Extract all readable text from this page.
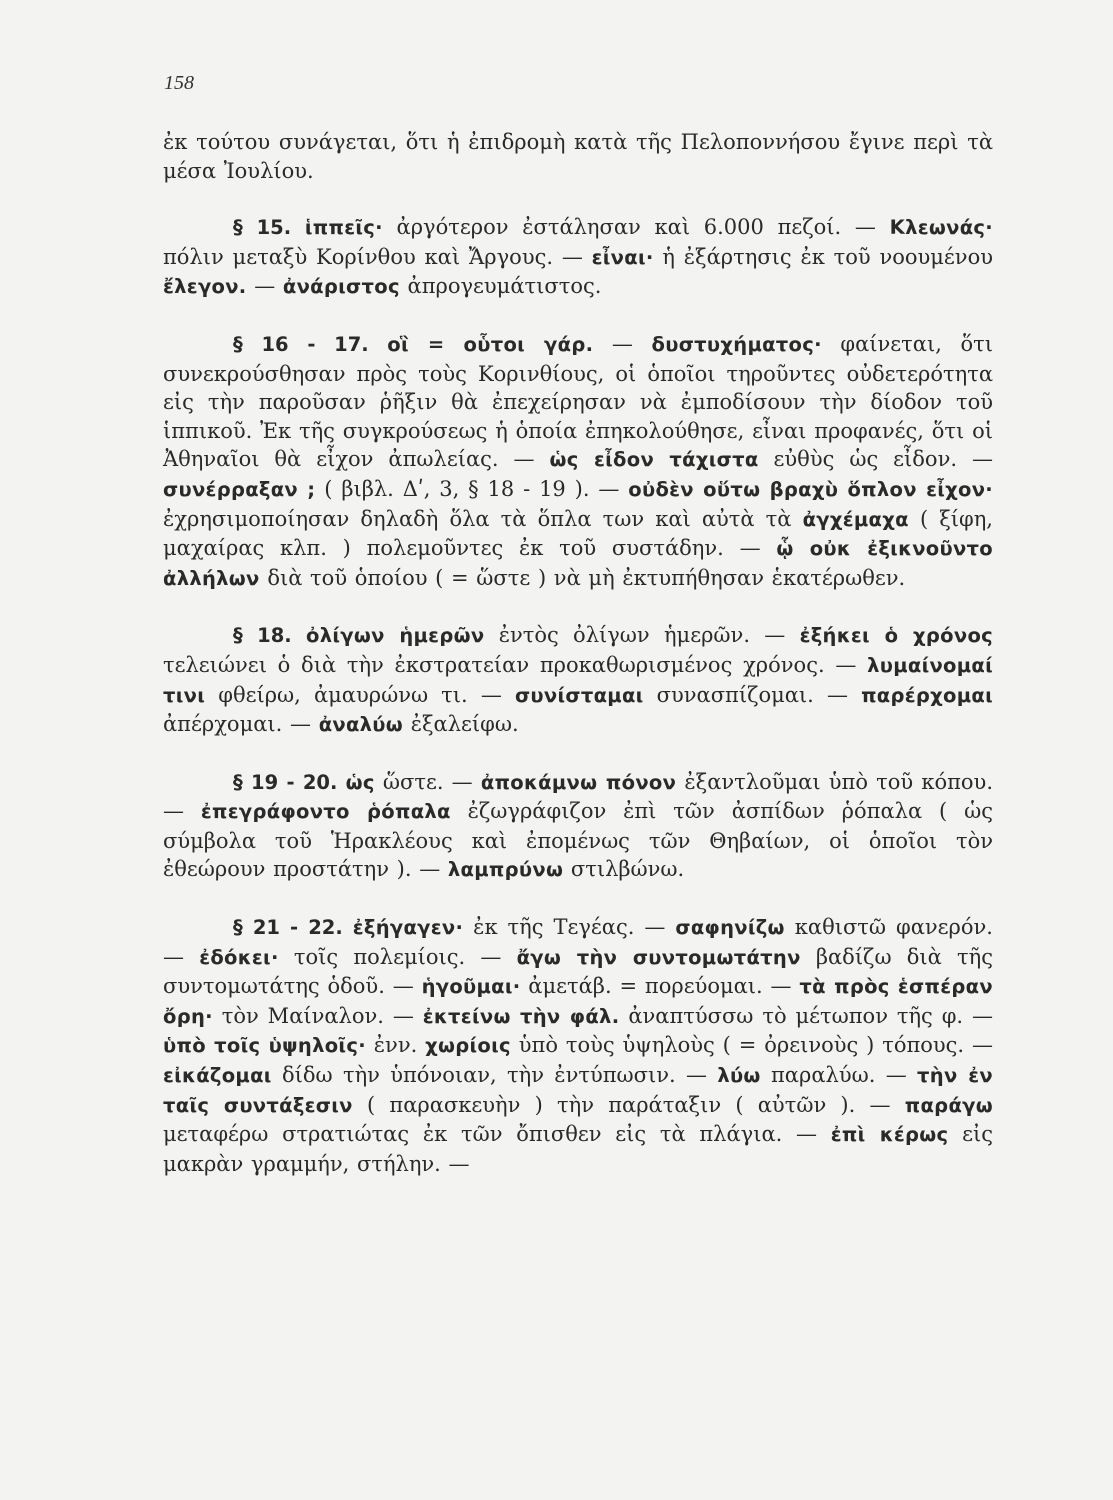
158

ἐκ τούτου συνάγεται, ὅτι ἡ ἐπιδρομὴ κατὰ τῆς Πελοποννήσου ἔγινε περὶ τὰ μέσα Ἰουλίου.

§ 15. ἱππεῖς· ἀργότερον ἐστάλησαν καὶ 6.000 πεζοί. — Κλεωνάς· πόλιν μεταξὺ Κορίνθου καὶ Ἄργους. — εἶναι· ἡ ἐξάρτησις ἐκ τοῦ νοουμένου ἔλεγον. — ἀνάριστος ἀπρογευμάτιστος.

§ 16 - 17. οἳ = οὗτοι γάρ. — δυστυχήματος· φαίνεται, ὅτι συνεκρούσθησαν πρὸς τοὺς Κορινθίους, οἱ ὁποῖοι τηροῦντες οὐδετερότητα εἰς τὴν παροῦσαν ῥῆξιν θὰ ἐπεχείρησαν νὰ ἐμποδίσουν τὴν δίοδον τοῦ ἱππικοῦ. Ἐκ τῆς συγκρούσεως ἡ ὁποία ἐπηκολούθησε, εἶναι προφανές, ὅτι οἱ Ἀθηναῖοι θὰ εἶχον ἀπωλείας. — ὡς εἶδον τάχιστα εὐθὺς ὡς εἶδον. — συνέρραξαν ; ( βιβλ. Δʹ, 3, § 18 - 19 ). — οὐδὲν οὕτω βραχὺ ὅπλον εἶχον· ἐχρησιμοποίησαν δηλαδὴ ὅλα τὰ ὅπλα των καὶ αὐτὰ τὰ ἀγχέμαχα ( ξίφη, μαχαίρας κλπ. ) πολεμοῦντες ἐκ τοῦ συστάδην. — ᾧ οὐκ ἐξικνοῦντο ἀλλήλων διὰ τοῦ ὁποίου ( = ὥστε ) νὰ μὴ ἐκτυπήθησαν ἑκατέρωθεν.

§ 18. ὀλίγων ἡμερῶν ἐντὸς ὀλίγων ἡμερῶν. — ἐξήκει ὁ χρόνος τελειώνει ὁ διὰ τὴν ἐκστρατείαν προκαθωρισμένος χρόνος. — λυμαίνομαί τινι φθείρω, ἀμαυρώνω τι. — συνίσταμαι συνασπίζομαι. — παρέρχομαι ἀπέρχομαι. — ἀναλύω ἐξαλείφω.

§ 19 - 20. ὡς ὥστε. — ἀποκάμνω πόνον ἐξαντλοῦμαι ὑπὸ τοῦ κόπου. — ἐπεγράφοντο ῥόπαλα ἐζωγράφιζον ἐπὶ τῶν ἀσπίδων ῥόπαλα ( ὡς σύμβολα τοῦ Ἡρακλέους καὶ ἐπομένως τῶν Θηβαίων, οἱ ὁποῖοι τὸν ἐθεώρουν προστάτην ). — λαμπρύνω στιλβώνω.

§ 21 - 22. ἐξήγαγεν· ἐκ τῆς Τεγέας. — σαφηνίζω καθιστῶ φανερόν. — ἐδόκει· τοῖς πολεμίοις. — ἄγω τὴν συντομωτάτην βαδίζω διὰ τῆς συντομωτάτης ὁδοῦ. — ἡγοῦμαι· ἀμετάβ. = πορεύομαι. — τὰ πρὸς ἑσπέραν ὄρη· τὸν Μαίναλον. — ἐκτείνω τὴν φάλ. ἀναπτύσσω τὸ μέτωπον τῆς φ. — ὑπὸ τοῖς ὑψηλοῖς· ἐνν. χωρίοις ὑπὸ τοὺς ὑψηλοὺς ( = ὀρεινοὺς ) τόπους. — εἰκάζομαι δίδω τὴν ὑπόνοιαν, τὴν ἐντύπωσιν. — λύω παραλύω. — τὴν ἐν ταῖς συντάξεσιν ( παρασκευὴν ) τὴν παράταξιν ( αὐτῶν ). — παράγω μεταφέρω στρατιώτας ἐκ τῶν ὄπισθεν εἰς τὰ πλάγια. — ἐπὶ κέρως εἰς μακρὰν γραμμήν, στήλην. —
